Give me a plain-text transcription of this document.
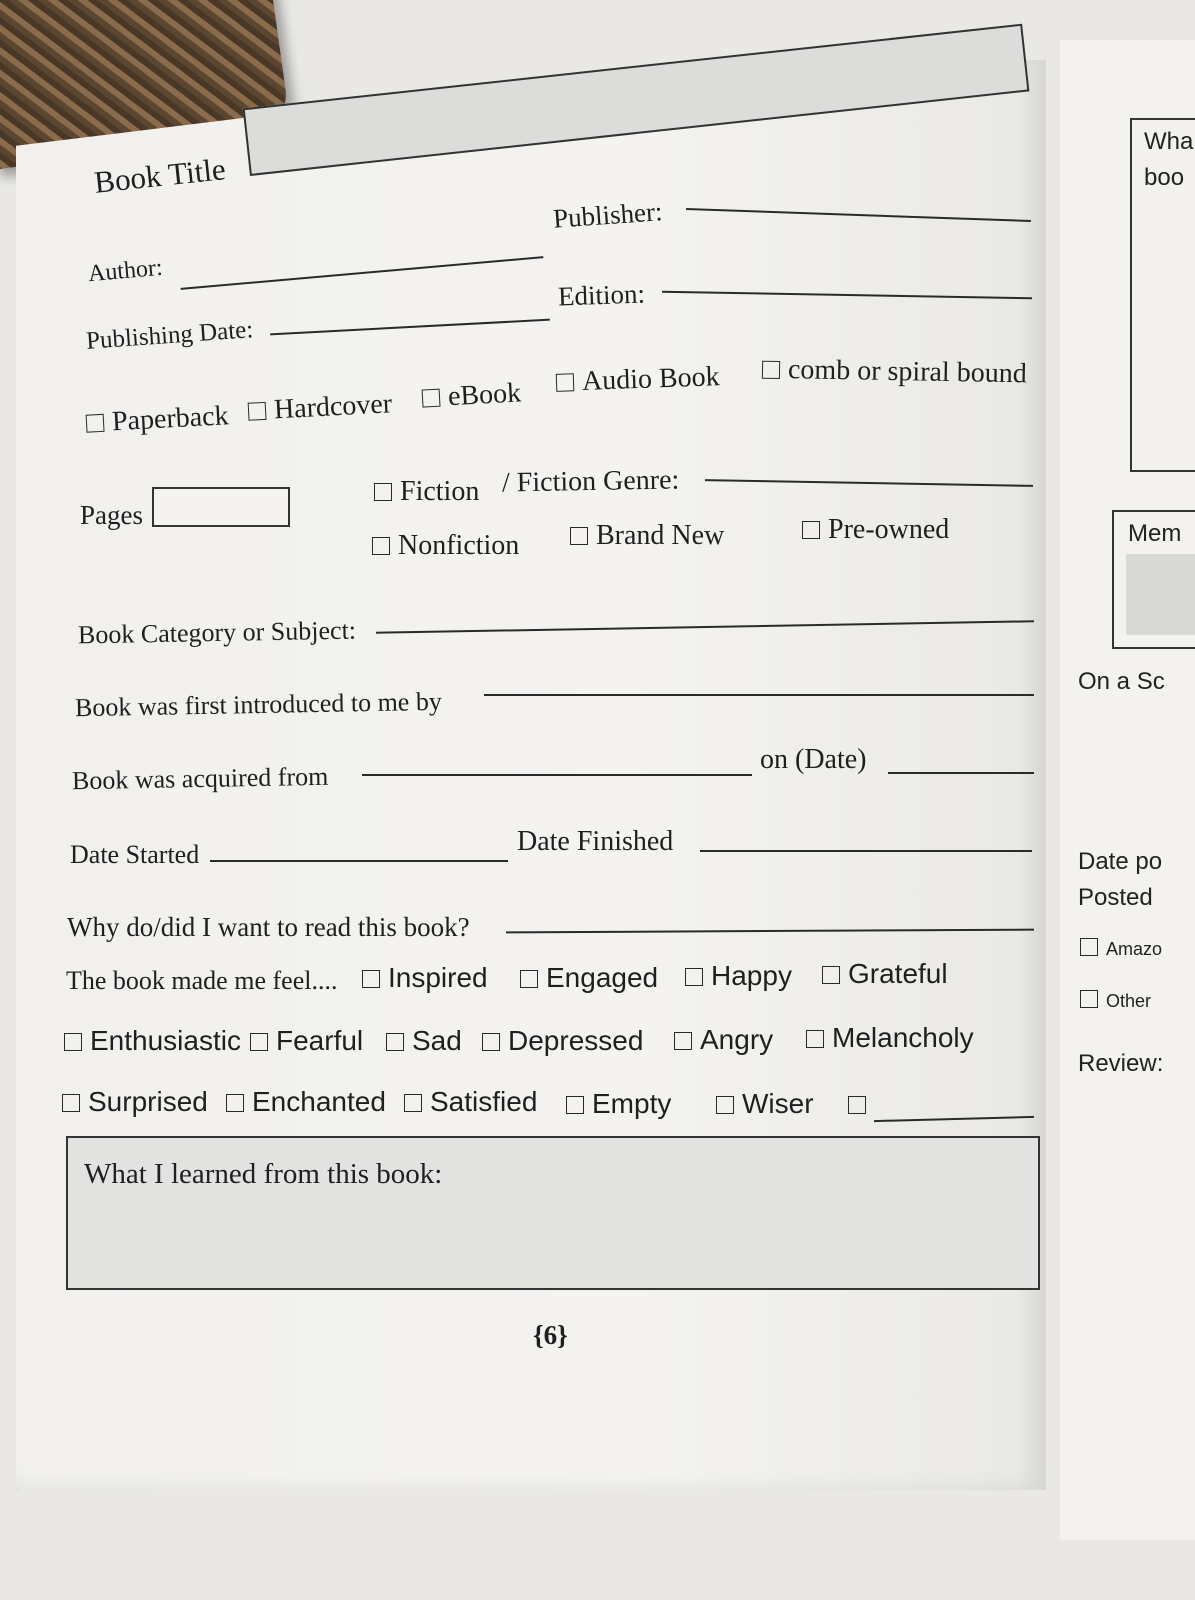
Wha
boo
Mem
On a Sc
Date po
Posted
Amazo
Other
Review:
Book Title
Publisher:
Author:
Edition:
Publishing Date:
Paperback	Hardcover	eBook	Audio Book	comb or spiral bound
Pages
Fiction / Fiction Genre:
Nonfiction	Brand New	Pre-owned
Book Category or Subject:
Book was first introduced to me by
Book was acquired from
on (Date)
Date Started	Date Finished
Why do/did I want to read this book?
The book made me feel....	Inspired	Engaged	Happy	Grateful
Enthusiastic	Fearful	Sad	Depressed	Angry	Melancholy
Surprised	Enchanted	Satisfied	Empty	Wiser
What I learned from this book:
{6}
